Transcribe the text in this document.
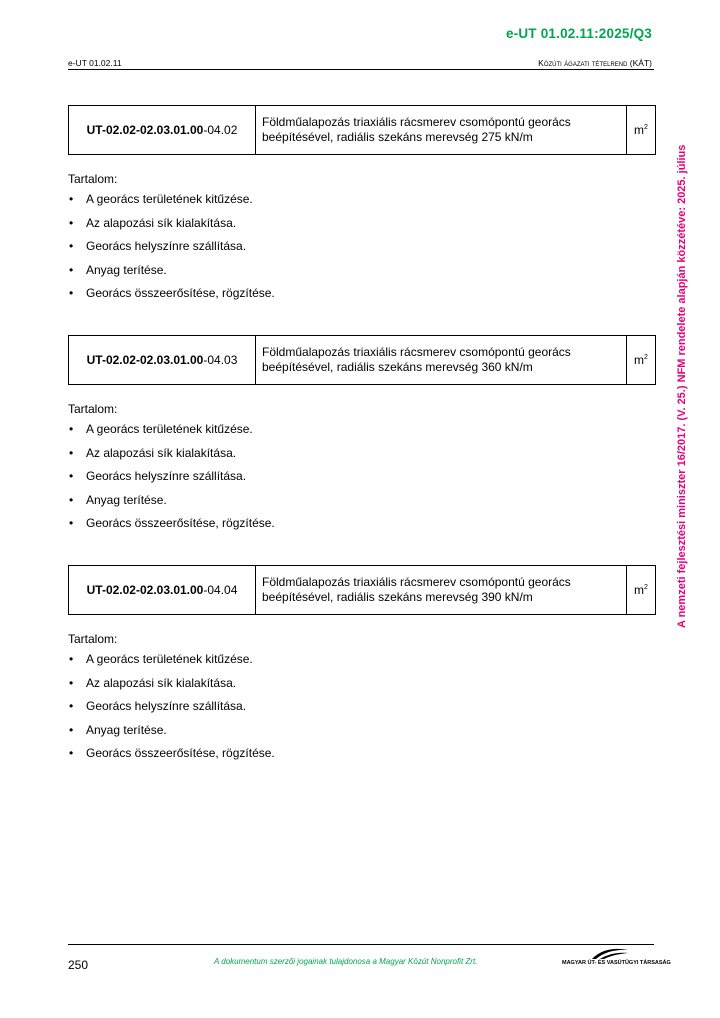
e-UT 01.02.11:2025/Q3
e-UT 01.02.11	Közúti ágazati tételrend (KÁT)
A nemzeti fejlesztési miniszter 16/2017. (V. 25.) NFM rendelete alapján közzétéve: 2025. július
UT-02.02-02.03.01.00-04.02	Földműalapozás triaxiális rácsmerev csomópontú georács beépítésével, radiális szekáns merevség 275 kN/m	$m^2$
Tartalom:
• A georács területének kitűzése.
• Az alapozási sík kialakítása.
• Georács helyszínre szállítása.
• Anyag terítése.
• Georács összeerősítése, rögzítése.
UT-02.02-02.03.01.00-04.03	Földműalapozás triaxiális rácsmerev csomópontú georács beépítésével, radiális szekáns merevség 360 kN/m	$m^2$
Tartalom:
• A georács területének kitűzése.
• Az alapozási sík kialakítása.
• Georács helyszínre szállítása.
• Anyag terítése.
• Georács összeerősítése, rögzítése.
UT-02.02-02.03.01.00-04.04	Földműalapozás triaxiális rácsmerev csomópontú georács beépítésével, radiális szekáns merevség 390 kN/m	$m^2$
Tartalom:
• A georács területének kitűzése.
• Az alapozási sík kialakítása.
• Georács helyszínre szállítása.
• Anyag terítése.
• Georács összeerősítése, rögzítése.
250	A dokumentum szerzői jogainak tulajdonosa a Magyar Közút Nonprofit Zrt.	MAGYAR ÚT- ÉS VASÚTÜGYI TÁRSASÁG
